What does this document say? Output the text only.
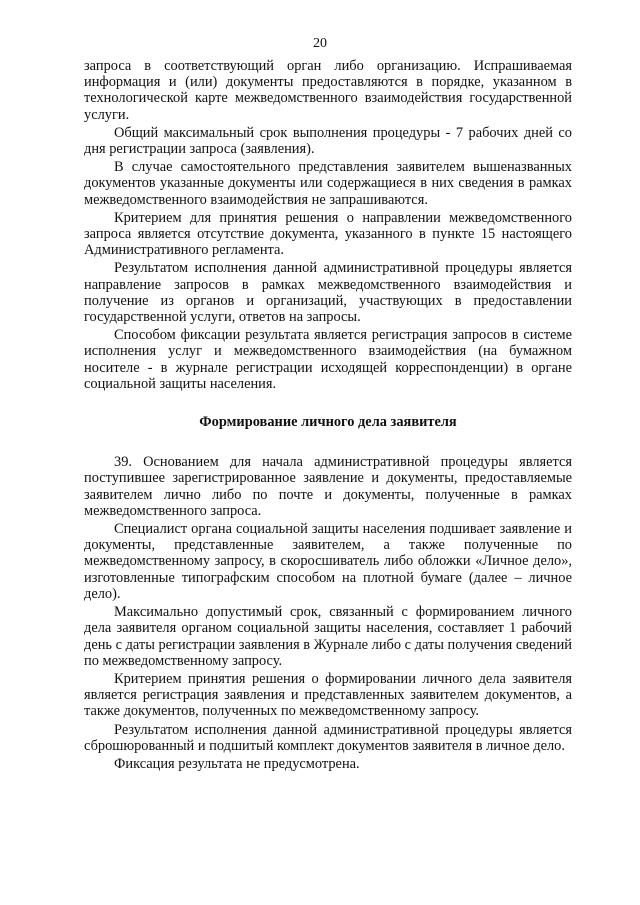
20

запроса в соответствующий орган либо организацию. Испрашиваемая информация и (или) документы предоставляются в порядке, указанном в технологической карте межведомственного взаимодействия государственной услуги.

Общий максимальный срок выполнения процедуры - 7 рабочих дней со дня регистрации запроса (заявления).

В случае самостоятельного представления заявителем вышеназванных документов указанные документы или содержащиеся в них сведения в рамках межведомственного взаимодействия не запрашиваются.

Критерием для принятия решения о направлении межведомственного запроса является отсутствие документа, указанного в пункте 15 настоящего Административного регламента.

Результатом исполнения данной административной процедуры является направление запросов в рамках межведомственного взаимодействия и получение из органов и организаций, участвующих в предоставлении государственной услуги, ответов на запросы.

Способом фиксации результата является регистрация запросов в системе исполнения услуг и межведомственного взаимодействия (на бумажном носителе - в журнале регистрации исходящей корреспонденции) в органе социальной защиты населения.

Формирование личного дела заявителя

39. Основанием для начала административной процедуры является поступившее зарегистрированное заявление и документы, предоставляемые заявителем лично либо по почте и документы, полученные в рамках межведомственного запроса.

Специалист органа социальной защиты населения подшивает заявление и документы, представленные заявителем, а также полученные по межведомственному запросу, в скоросшиватель либо обложки «Личное дело», изготовленные типографским способом на плотной бумаге (далее – личное дело).

Максимально допустимый срок, связанный с формированием личного дела заявителя органом социальной защиты населения, составляет 1 рабочий день с даты регистрации заявления в Журнале либо с даты получения сведений по межведомственному запросу.

Критерием принятия решения о формировании личного дела заявителя является регистрация заявления и представленных заявителем документов, а также документов, полученных по межведомственному запросу.

Результатом исполнения данной административной процедуры является сброшюрованный и подшитый комплект документов заявителя в личное дело.

Фиксация результата не предусмотрена.
